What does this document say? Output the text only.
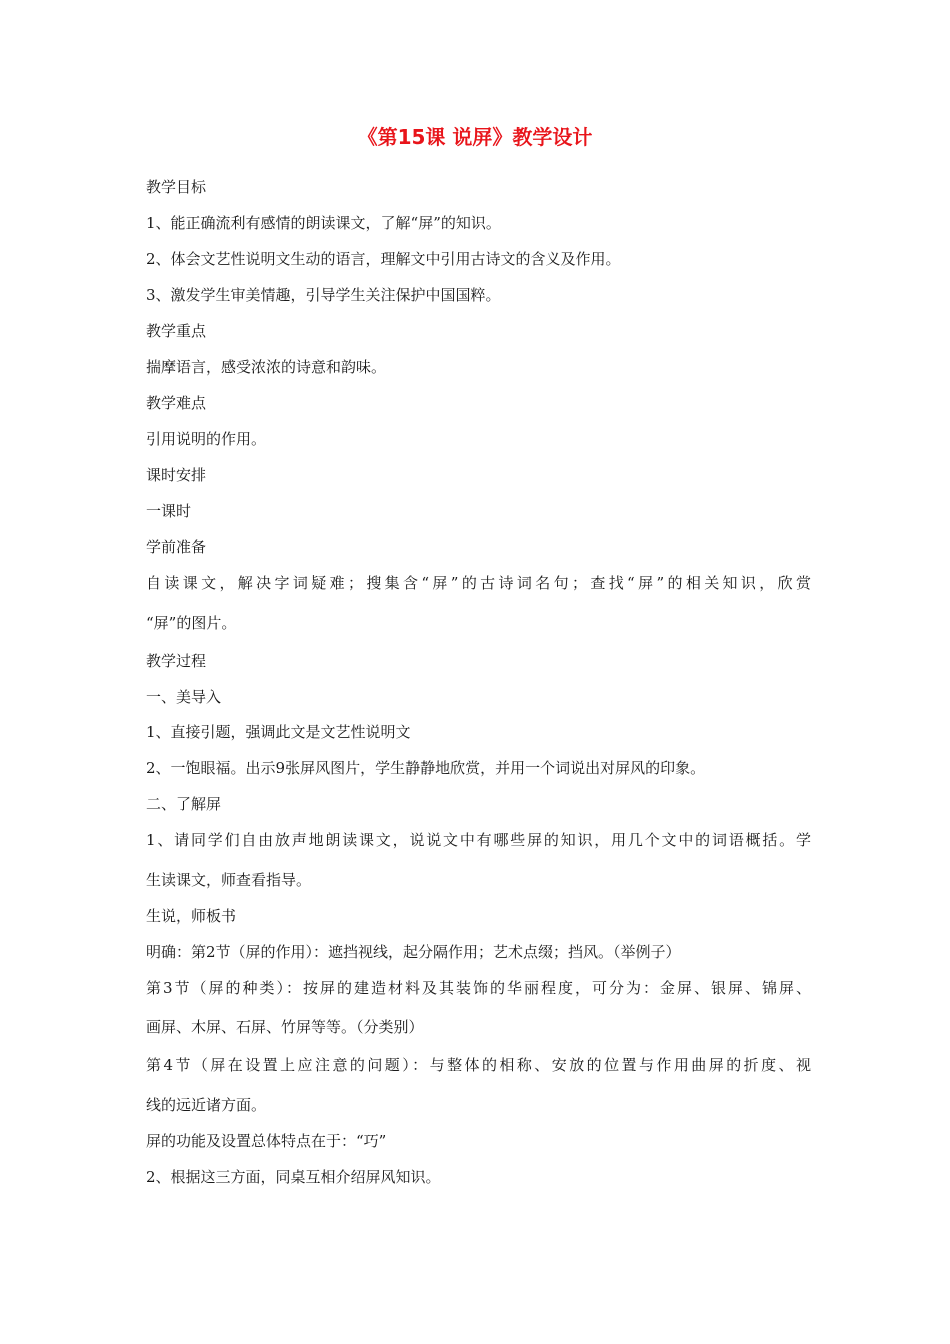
《第15课 说屏》教学设计

教学目标

1、能正确流利有感情的朗读课文，了解“屏”的知识。

2、体会文艺性说明文生动的语言，理解文中引用古诗文的含义及作用。

3、激发学生审美情趣，引导学生关注保护中国国粹。

教学重点

揣摩语言，感受浓浓的诗意和韵味。

教学难点

引用说明的作用。

课时安排

一课时

学前准备

自读课文，解决字词疑难；搜集含“屏”的古诗词名句；查找“屏”的相关知识，欣赏

“屏”的图片。

教学过程

一、美导入

1、直接引题，强调此文是文艺性说明文

2、一饱眼福。出示9张屏风图片，学生静静地欣赏，并用一个词说出对屏风的印象。

二、了解屏

1、请同学们自由放声地朗读课文，说说文中有哪些屏的知识，用几个文中的词语概括。学

生读课文，师查看指导。

生说，师板书

明确：第2节（屏的作用）：遮挡视线，起分隔作用；艺术点缀；挡风。（举例子）

第3节（屏的种类）：按屏的建造材料及其装饰的华丽程度，可分为：金屏、银屏、锦屏、

画屏、木屏、石屏、竹屏等等。（分类别）

第4节（屏在设置上应注意的问题）：与整体的相称、安放的位置与作用曲屏的折度、视

线的远近诸方面。

屏的功能及设置总体特点在于：“巧”

2、根据这三方面，同桌互相介绍屏风知识。
